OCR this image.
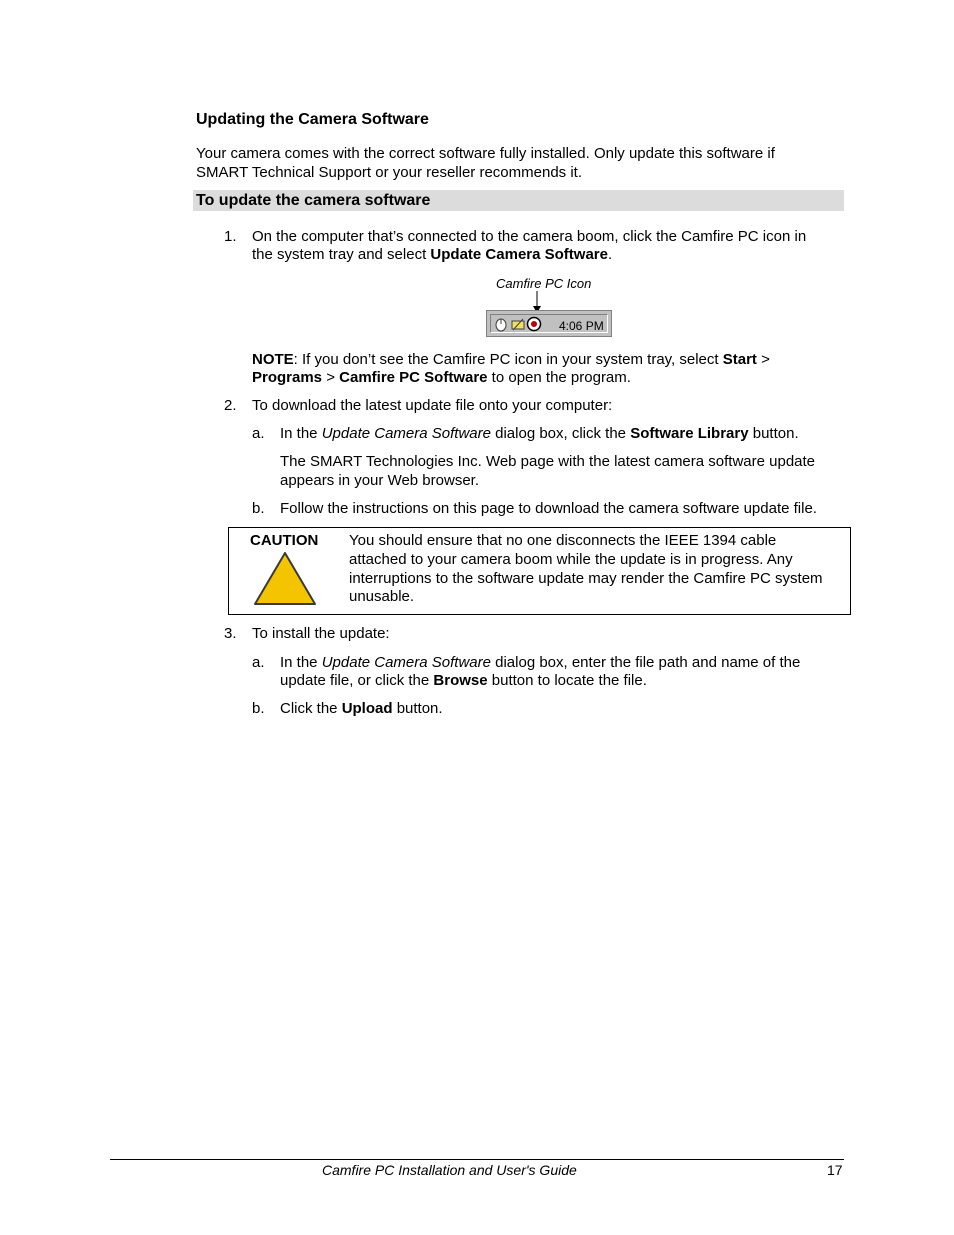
Updating the Camera Software
Your camera comes with the correct software fully installed. Only update this software if
SMART Technical Support or your reseller recommends it.
To update the camera software
1. On the computer that’s connected to the camera boom, click the Camfire PC icon in
the system tray and select Update Camera Software.
Camfire PC Icon
4:06 PM
NOTE: If you don’t see the Camfire PC icon in your system tray, select Start >
Programs > Camfire PC Software to open the program.
2. To download the latest update file onto your computer:
a. In the Update Camera Software dialog box, click the Software Library button.
The SMART Technologies Inc. Web page with the latest camera software update
appears in your Web browser.
b. Follow the instructions on this page to download the camera software update file.
CAUTION You should ensure that no one disconnects the IEEE 1394 cable
attached to your camera boom while the update is in progress. Any
interruptions to the software update may render the Camfire PC system
unusable.
3. To install the update:
a. In the Update Camera Software dialog box, enter the file path and name of the
update file, or click the Browse button to locate the file.
b. Click the Upload button.
Camfire PC Installation and User's Guide	17
